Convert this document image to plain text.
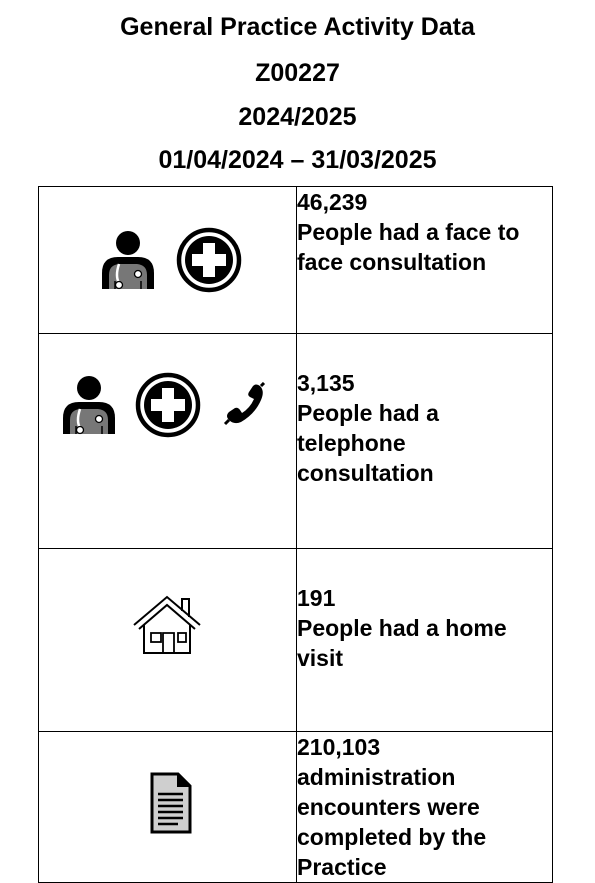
General Practice Activity Data
Z00227
2024/2025
01/04/2024 – 31/03/2025

46,239
People had a face to face consultation

3,135
People had a telephone consultation

191
People had a home visit

210,103
administration encounters were completed by the Practice
